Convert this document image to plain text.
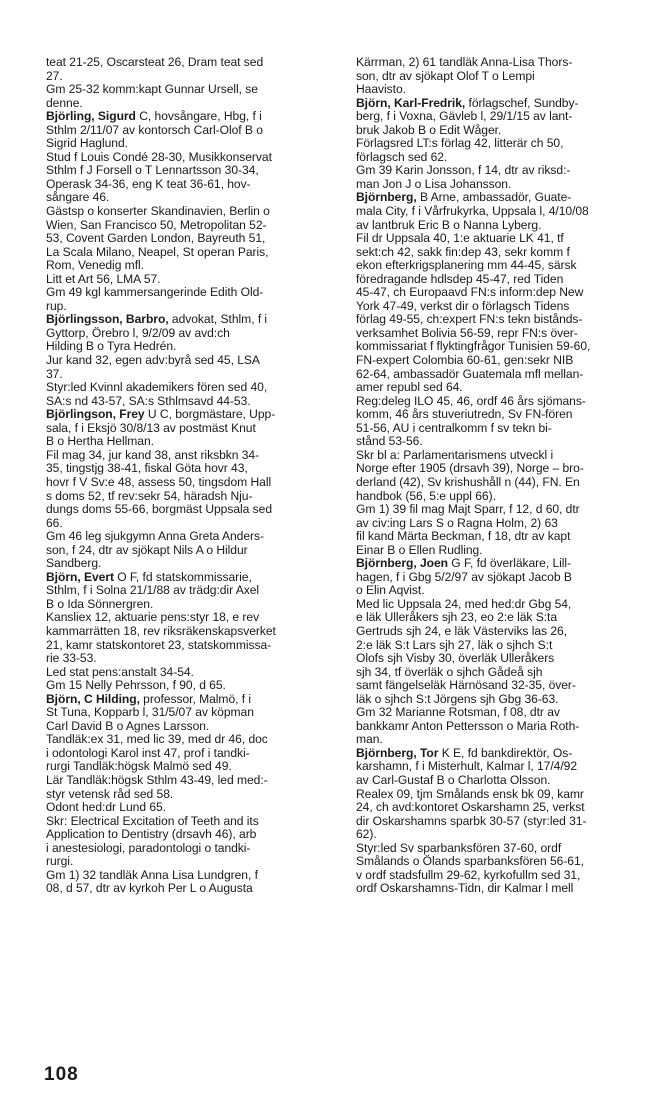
teat 21-25, Oscarsteat 26, Dram teat sed
27.
Gm 25-32 komm:kapt Gunnar Ursell, se
denne.
Björling, Sigurd C, hovsångare, Hbg, f i
Sthlm 2/11/07 av kontorsch Carl-Olof B o
Sigrid Haglund.
Stud f Louis Condé 28-30, Musikkonservat
Sthlm f J Forsell o T Lennartsson 30-34,
Operask 34-36, eng K teat 36-61, hov-
sångare 46.
Gästsp o konserter Skandinavien, Berlin o
Wien, San Francisco 50, Metropolitan 52-
53, Covent Garden London, Bayreuth 51,
La Scala Milano, Neapel, St operan Paris,
Rom, Venedig mfl.
Litt et Art 56, LMA 57.
Gm 49 kgl kammersangerinde Edith Old-
rup.
Björlingsson, Barbro, advokat, Sthlm, f i
Gyttorp, Örebro l, 9/2/09 av avd:ch
Hilding B o Tyra Hedrén.
Jur kand 32, egen adv:byrå sed 45, LSA
37.
Styr:led Kvinnl akademikers fören sed 40,
SA:s nd 43-57, SA:s Sthlmsavd 44-53.
Björlingson, Frey U C, borgmästare, Upp-
sala, f i Eksjö 30/8/13 av postmäst Knut
B o Hertha Hellman.
Fil mag 34, jur kand 38, anst riksbkn 34-
35, tingstjg 38-41, fiskal Göta hovr 43,
hovr f V Sv:e 48, assess 50, tingsdom Hall
s doms 52, tf rev:sekr 54, häradsh Nju-
dungs doms 55-66, borgmäst Uppsala sed
66.
Gm 46 leg sjukgymn Anna Greta Anders-
son, f 24, dtr av sjökapt Nils A o Hildur
Sandberg.
Björn, Evert O F, fd statskommissarie,
Sthlm, f i Solna 21/1/88 av trädg:dir Axel
B o Ida Sönnergren.
Kansliex 12, aktuarie pens:styr 18, e rev
kammarrätten 18, rev riksräkenskapsverket
21, kamr statskontoret 23, statskommissa-
rie 33-53.
Led stat pens:anstalt 34-54.
Gm 15 Nelly Pehrsson, f 90, d 65.
Björn, C Hilding, professor, Malmö, f i
St Tuna, Kopparb l, 31/5/07 av köpman
Carl David B o Agnes Larsson.
Tandläk:ex 31, med lic 39, med dr 46, doc
i odontologi Karol inst 47, prof i tandki-
rurgi Tandläk:högsk Malmö sed 49.
Lär Tandläk:högsk Sthlm 43-49, led med:-
styr vetensk råd sed 58.
Odont hed:dr Lund 65.
Skr: Electrical Excitation of Teeth and its
Application to Dentistry (drsavh 46), arb
i anestesiologi, paradontologi o tandki-
rurgi.
Gm 1) 32 tandläk Anna Lisa Lundgren, f
08, d 57, dtr av kyrkoh Per L o Augusta
Kärrman, 2) 61 tandläk Anna-Lisa Thors-
son, dtr av sjökapt Olof T o Lempi
Haavisto.
Björn, Karl-Fredrik, förlagschef, Sundby-
berg, f i Voxna, Gävleb l, 29/1/15 av lant-
bruk Jakob B o Edit Wåger.
Förlagsred LT:s förlag 42, litterär ch 50,
förlagsch sed 62.
Gm 39 Karin Jonsson, f 14, dtr av riksd:-
man Jon J o Lisa Johansson.
Björnberg, B Arne, ambassadör, Guate-
mala City, f i Vårfrukyrka, Uppsala l, 4/10/08
av lantbruk Eric B o Nanna Lyberg.
Fil dr Uppsala 40, 1:e aktuarie LK 41, tf
sekt:ch 42, sakk fin:dep 43, sekr komm f
ekon efterkrigsplanering mm 44-45, särsk
föredragande hdlsdep 45-47, red Tiden
45-47, ch Europaavd FN:s inform:dep New
York 47-49, verkst dir o förlagsch Tidens
förlag 49-55, ch:expert FN:s tekn bistånds-
verksamhet Bolivia 56-59, repr FN:s över-
kommissariat f flyktingfrågor Tunisien 59-60,
FN-expert Colombia 60-61, gen:sekr NIB
62-64, ambassadör Guatemala mfl mellan-
amer republ sed 64.
Reg:deleg ILO 45, 46, ordf 46 års sjömans-
komm, 46 års stuveriutredn, Sv FN-fören
51-56, AU i centralkomm f sv tekn bi-
stånd 53-56.
Skr bl a: Parlamentarismens utveckl i
Norge efter 1905 (drsavh 39), Norge – bro-
derland (42), Sv krishushåll n (44), FN. En
handbok (56, 5:e uppl 66).
Gm 1) 39 fil mag Majt Sparr, f 12, d 60, dtr
av civ:ing Lars S o Ragna Holm, 2) 63
fil kand Märta Beckman, f 18, dtr av kapt
Einar B o Ellen Rudling.
Björnberg, Joen G F, fd överläkare, Lill-
hagen, f i Gbg 5/2/97 av sjökapt Jacob B
o Elin Aqvist.
Med lic Uppsala 24, med hed:dr Gbg 54,
e läk Ulleråkers sjh 23, eo 2:e läk S:ta
Gertruds sjh 24, e läk Västerviks las 26,
2:e läk S:t Lars sjh 27, läk o sjhch S:t
Olofs sjh Visby 30, överläk Ulleråkers
sjh 34, tf överläk o sjhch Gådeå sjh
samt fängelseläk Härnösand 32-35, över-
läk o sjhch S:t Jörgens sjh Gbg 36-63.
Gm 32 Marianne Rotsman, f 08, dtr av
bankkamr Anton Pettersson o Maria Roth-
man.
Björnberg, Tor K E, fd bankdirektör, Os-
karshamn, f i Misterhult, Kalmar l, 17/4/92
av Carl-Gustaf B o Charlotta Olsson.
Realex 09, tjm Smålands ensk bk 09, kamr
24, ch avd:kontoret Oskarshamn 25, verkst
dir Oskarshamns sparbk 30-57 (styr:led 31-
62).
Styr:led Sv sparbanksfören 37-60, ordf
Smålands o Ölands sparbanksfören 56-61,
v ordf stadsfullm 29-62, kyrkofullm sed 31,
ordf Oskarshamns-Tidn, dir Kalmar l mell
108
